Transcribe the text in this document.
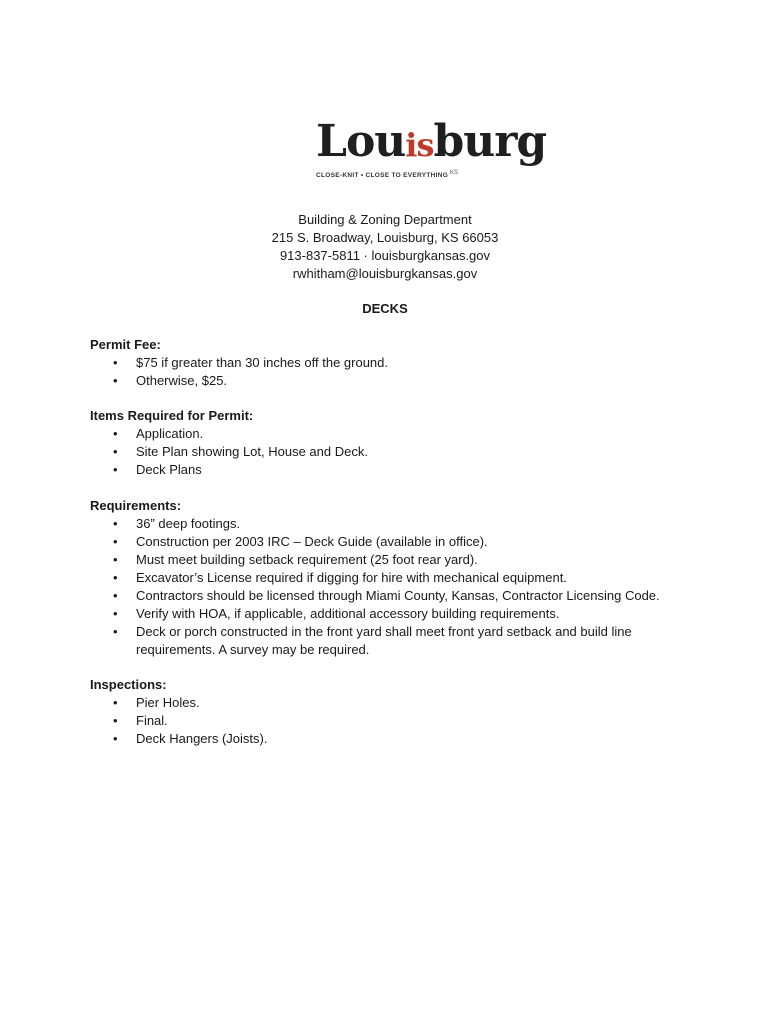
Louisburg
CLOSE-KNIT • CLOSE TO EVERYTHING KS
Building & Zoning Department
215 S. Broadway, Louisburg, KS 66053
913-837-5811 · louisburgkansas.gov
rwhitham@louisburgkansas.gov
DECKS

Permit Fee:

• $75 if greater than 30 inches off the ground.
• Otherwise, $25.

Items Required for Permit:

• Application.
• Site Plan showing Lot, House and Deck.
• Deck Plans

Requirements:

• 36” deep footings.
• Construction per 2003 IRC – Deck Guide (available in office).
• Must meet building setback requirement (25 foot rear yard).
• Excavator’s License required if digging for hire with mechanical equipment.
• Contractors should be licensed through Miami County, Kansas, Contractor Licensing Code.
• Verify with HOA, if applicable, additional accessory building requirements.
• Deck or porch constructed in the front yard shall meet front yard setback and build line requirements. A survey may be required.

Inspections:

• Pier Holes.
• Final.
• Deck Hangers (Joists).
